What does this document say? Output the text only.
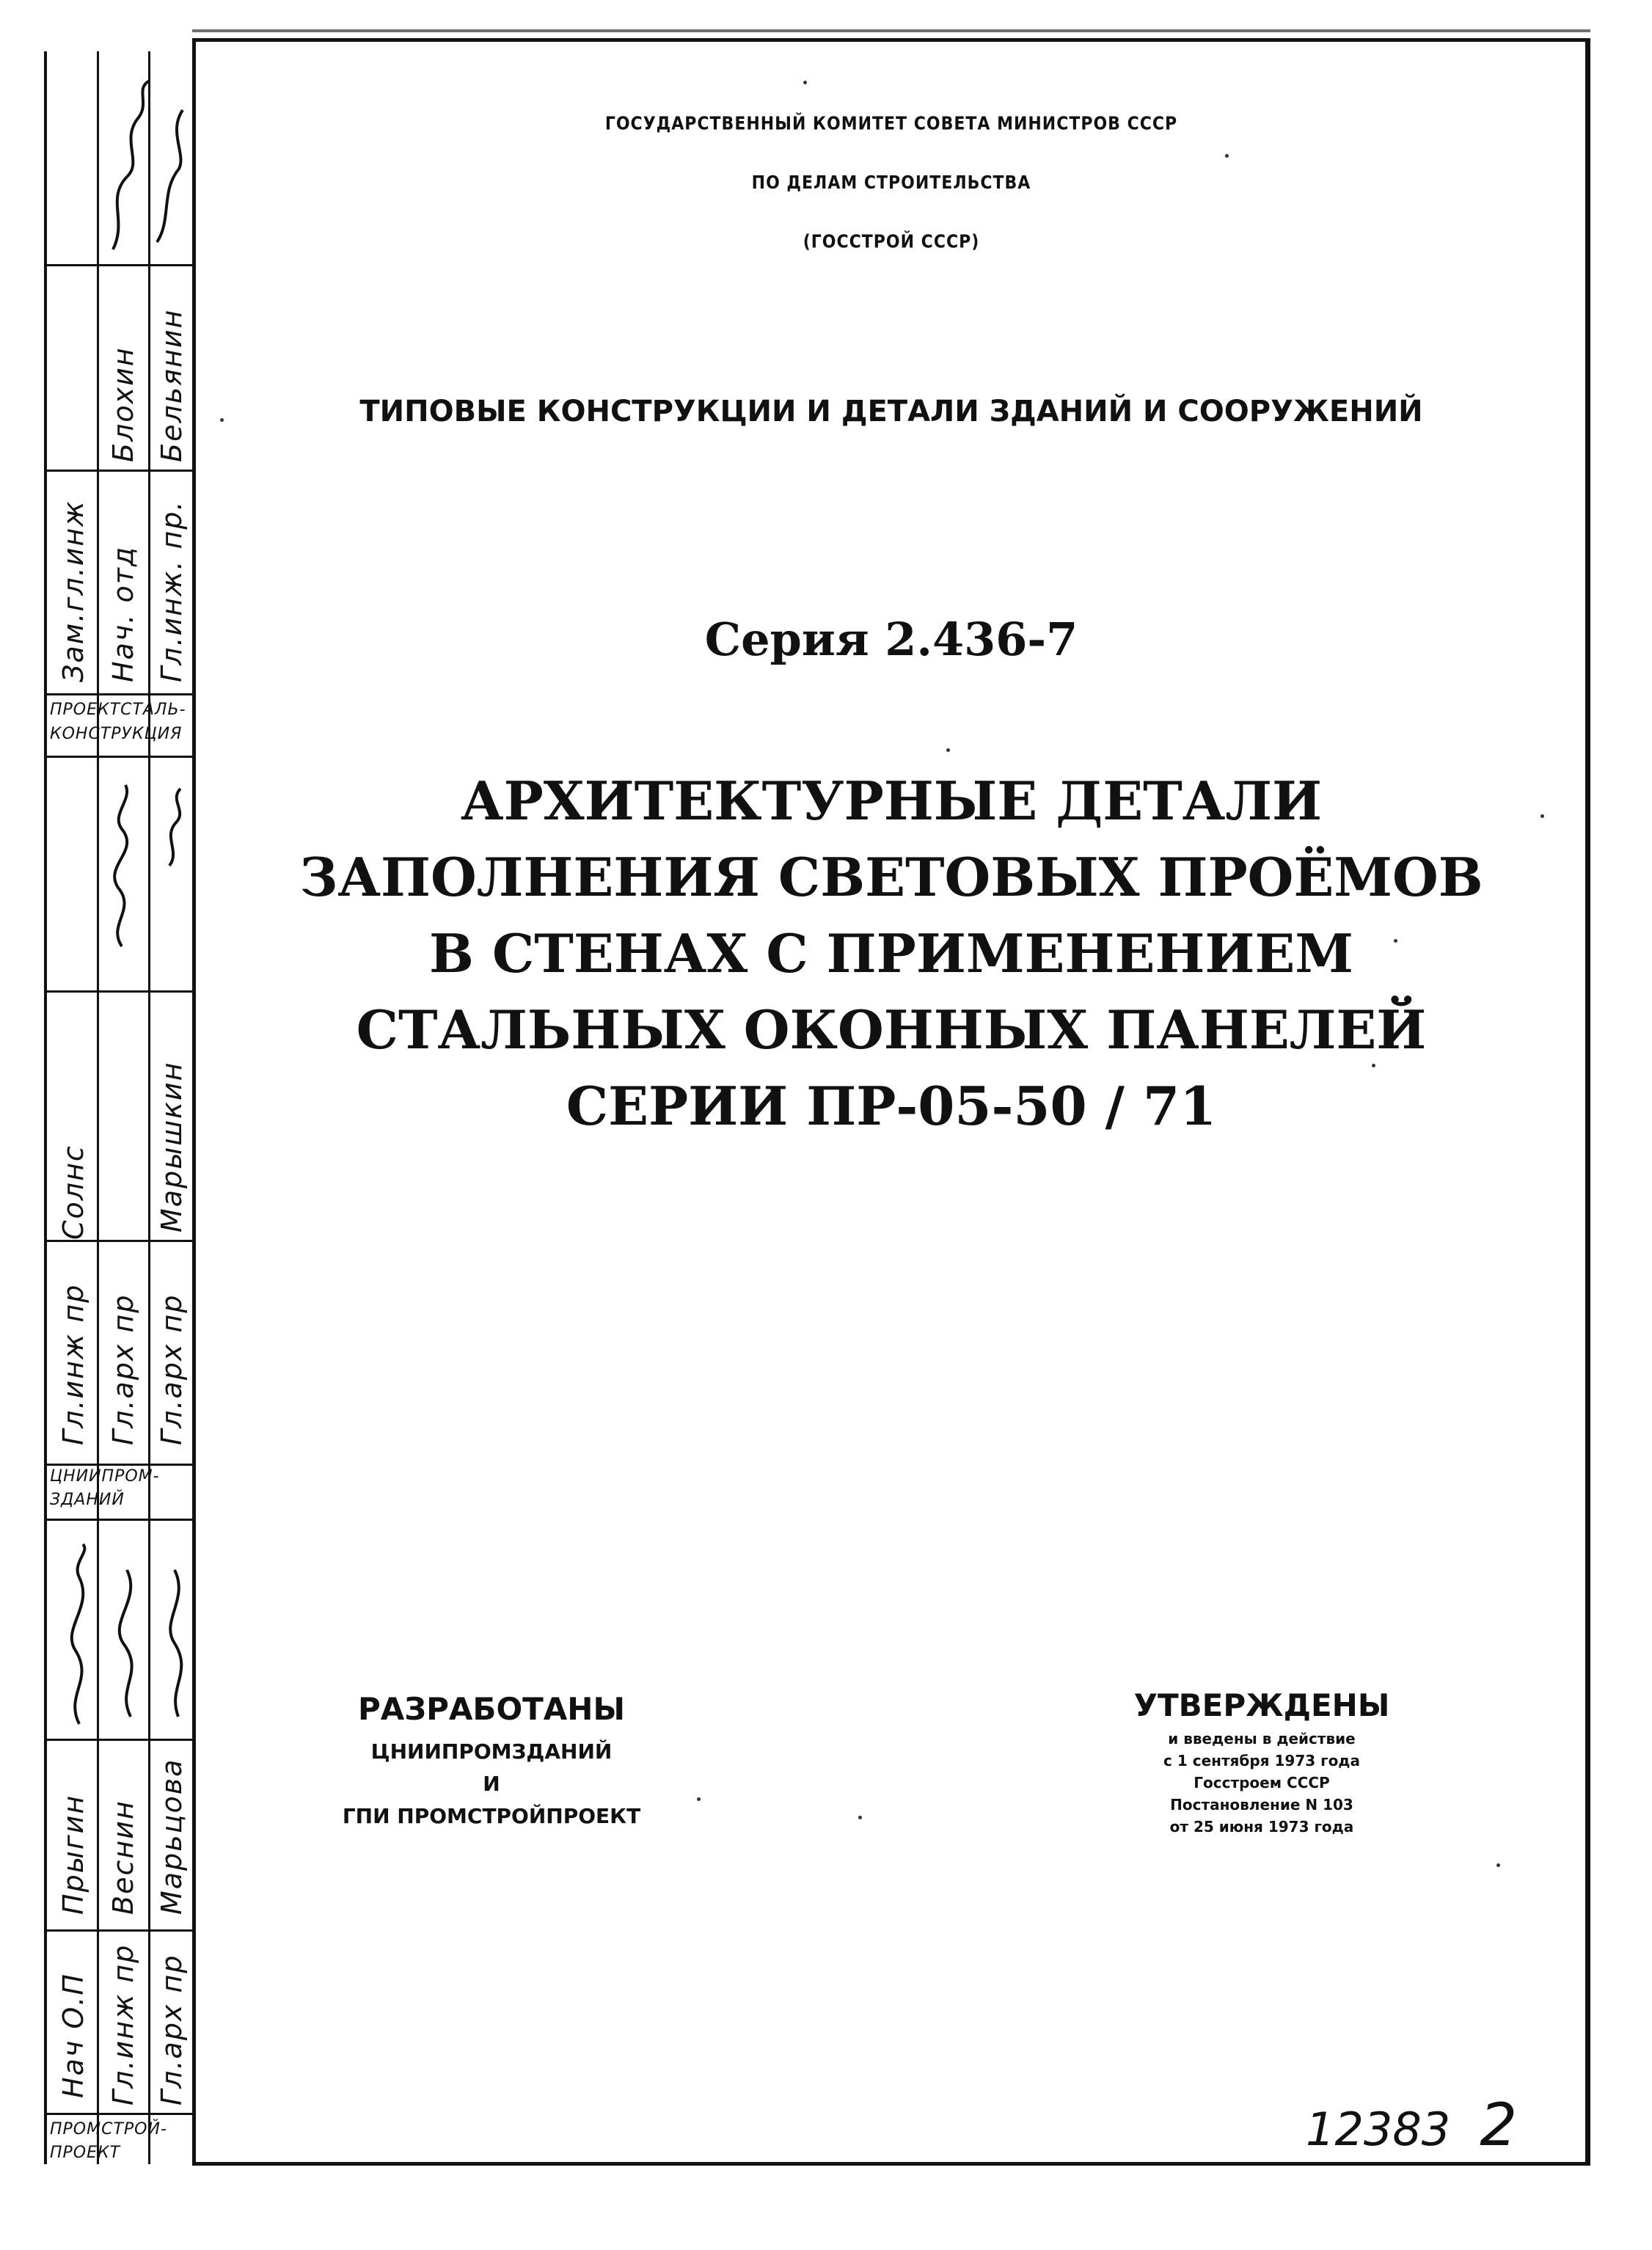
Зам.гл.инж
Гл.инж пр
Нач О.П
Солнс
Прыгин
Блохин
Нач. отд
Гл.арх пр
Веснин
Гл.инж пр
Бельянин
Гл.инж. пр.
Марышкин
Гл.арх пр
Марьцова
Гл.арх пр
ПРОЕКТСТАЛЬ-
КОНСТРУКЦИЯ
ЦНИИПРОМ-
ЗДАНИЙ
ПРОМСТРОЙ-
ПРОЕКТ
ГОСУДАРСТВЕННЫЙ КОМИТЕТ СОВЕТА МИНИСТРОВ СССР
ПО ДЕЛАМ СТРОИТЕЛЬСТВА
(ГОССТРОЙ СССР)
ТИПОВЫЕ КОНСТРУКЦИИ И ДЕТАЛИ ЗДАНИЙ И СООРУЖЕНИЙ
Серия 2.436-7
АРХИТЕКТУРНЫЕ ДЕТАЛИ
ЗАПОЛНЕНИЯ СВЕТОВЫХ ПРОЁМОВ
В СТЕНАХ С ПРИМЕНЕНИЕМ
СТАЛЬНЫХ ОКОННЫХ ПАНЕЛЕЙ
СЕРИИ ПР-05-50 / 71
РАЗРАБОТАНЫ
ЦНИИПРОМЗДАНИЙ
И
ГПИ ПРОМСТРОЙПРОЕКТ
УТВЕРЖДЕНЫ
и введены в действие
с 1 сентября 1973 года
Госстроем СССР
Постановление N 103
от 25 июня 1973 года
12383 2
